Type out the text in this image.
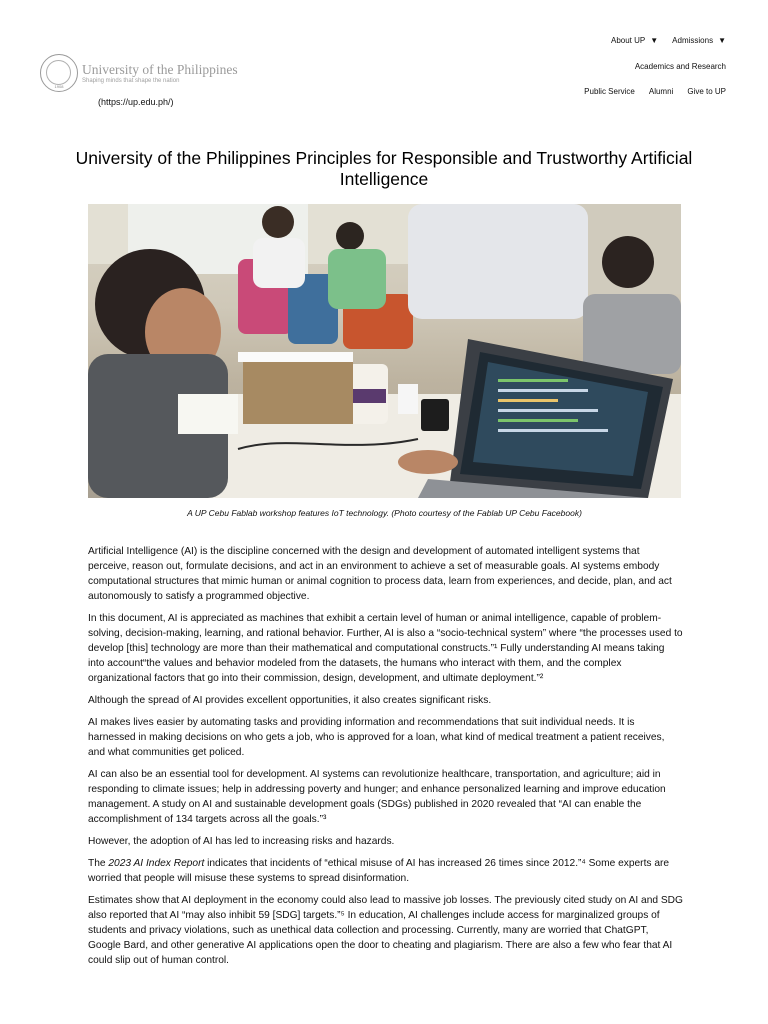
1908
University of the Philippines
Shaping minds that shape the nation
(https://up.edu.ph/)
About UP ▼ Admissions ▼
Academics and Research
Public Service Alumni Give to UP
University of the Philippines Principles for Responsible and Trustworthy Artificial Intelligence
A UP Cebu Fablab workshop features IoT technology. (Photo courtesy of the Fablab UP Cebu Facebook)

Artificial Intelligence (AI) is the discipline concerned with the design and development of automated intelligent systems that perceive, reason out, formulate decisions, and act in an environment to achieve a set of measurable goals. AI systems embody computational structures that mimic human or animal cognition to process data, learn from experiences, and decide, plan, and act autonomously to satisfy a programmed objective.

In this document, AI is appreciated as machines that exhibit a certain level of human or animal intelligence, capable of problem-solving, decision-making, learning, and rational behavior. Further, AI is also a “socio-technical system” where “the processes used to develop [this] technology are more than their mathematical and computational constructs.”¹ Fully understanding AI means taking into account“the values and behavior modeled from the datasets, the humans who interact with them, and the complex organizational factors that go into their commission, design, development, and ultimate deployment.”²

Although the spread of AI provides excellent opportunities, it also creates significant risks.

AI makes lives easier by automating tasks and providing information and recommendations that suit individual needs. It is harnessed in making decisions on who gets a job, who is approved for a loan, what kind of medical treatment a patient receives, and what communities get policed.

AI can also be an essential tool for development. AI systems can revolutionize healthcare, transportation, and agriculture; aid in responding to climate issues; help in addressing poverty and hunger; and enhance personalized learning and improve education management. A study on AI and sustainable development goals (SDGs) published in 2020 revealed that “AI can enable the accomplishment of 134 targets across all the goals.”³

However, the adoption of AI has led to increasing risks and hazards.

The 2023 AI Index Report indicates that incidents of “ethical misuse of AI has increased 26 times since 2012.”⁴ Some experts are worried that people will misuse these systems to spread disinformation.

Estimates show that AI deployment in the economy could also lead to massive job losses. The previously cited study on AI and SDG also reported that AI “may also inhibit 59 [SDG] targets.”⁵ In education, AI challenges include access for marginalized groups of students and privacy violations, such as unethical data collection and processing. Currently, many are worried that ChatGPT, Google Bard, and other generative AI applications open the door to cheating and plagiarism. There are also a few who fear that AI could slip out of human control.
